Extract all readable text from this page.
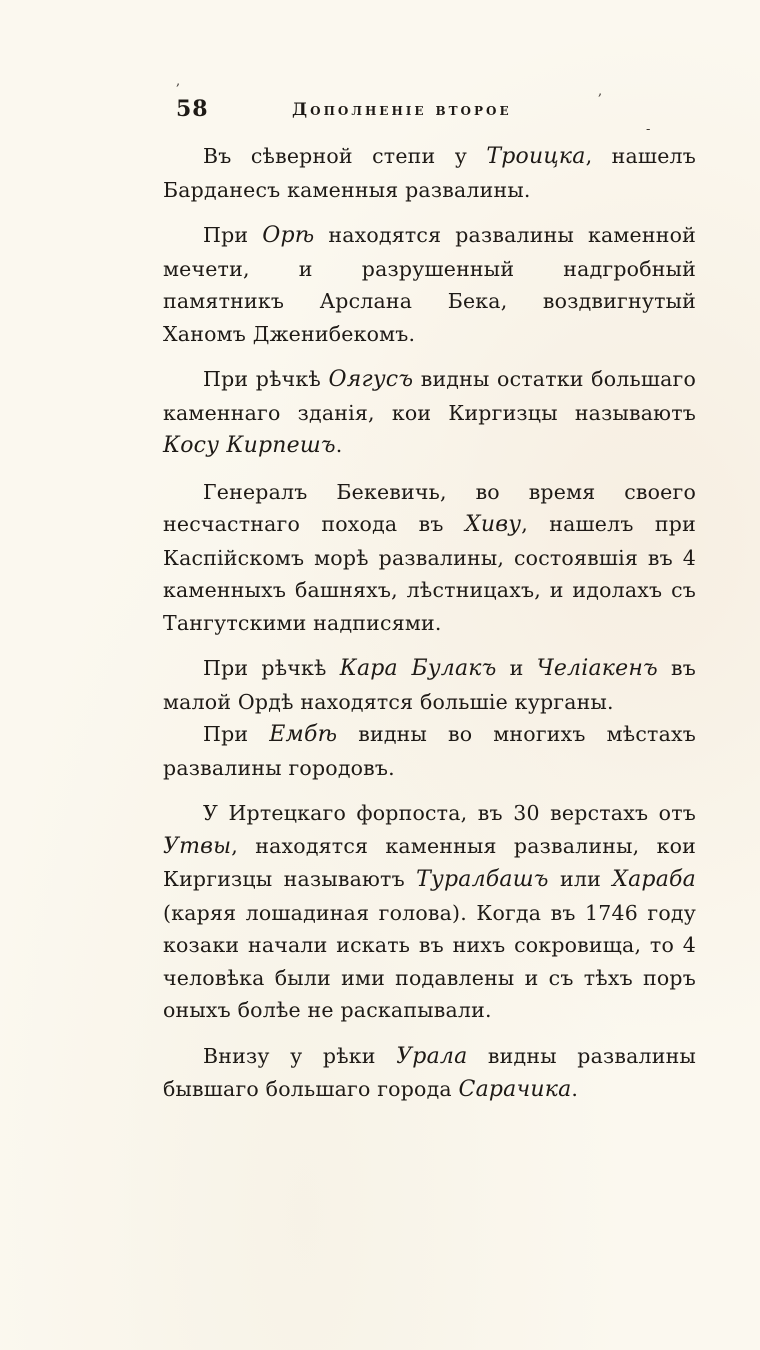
,
,
-
58	Дополненie второе

Въ сѣверной степи у Троицка, нашелъ Барданесъ каменныя развалины.

При Орѣ находятся развалины каменной мечети, и разрушенный надгробный памятникъ Арслана Бека, воздвигнутый Ханомъ Дженибекомъ.

При рѣчкѣ Оягусъ видны остатки большаго каменнаго зданія, кои Киргизцы называютъ Косу Кирпешъ.

Генералъ Бекевичь, во время своего несчастнаго похода въ Хиву, нашелъ при Каспійскомъ морѣ развалины, состоявшія въ 4 каменныхъ башняхъ, лѣстницахъ, и идолахъ съ Тангутскими надписями.

При рѣчкѣ Кара Булакъ и Челіакенъ въ малой Ордѣ находятся большіе курганы.

При Ембѣ видны во многихъ мѣстахъ развалины городовъ.

У Иртецкаго форпоста, въ 30 верстахъ отъ Утвы, находятся каменныя развалины, кои Киргизцы называютъ Туралбашъ или Хараба (каряя лошадиная голова). Когда въ 1746 году козаки начали искать въ нихъ сокровища, то 4 человѣка были ими подавлены и съ тѣхъ поръ оныхъ болѣе не раскапывали.

Внизу у рѣки Урала видны развалины бывшаго большаго города Сарачика.
